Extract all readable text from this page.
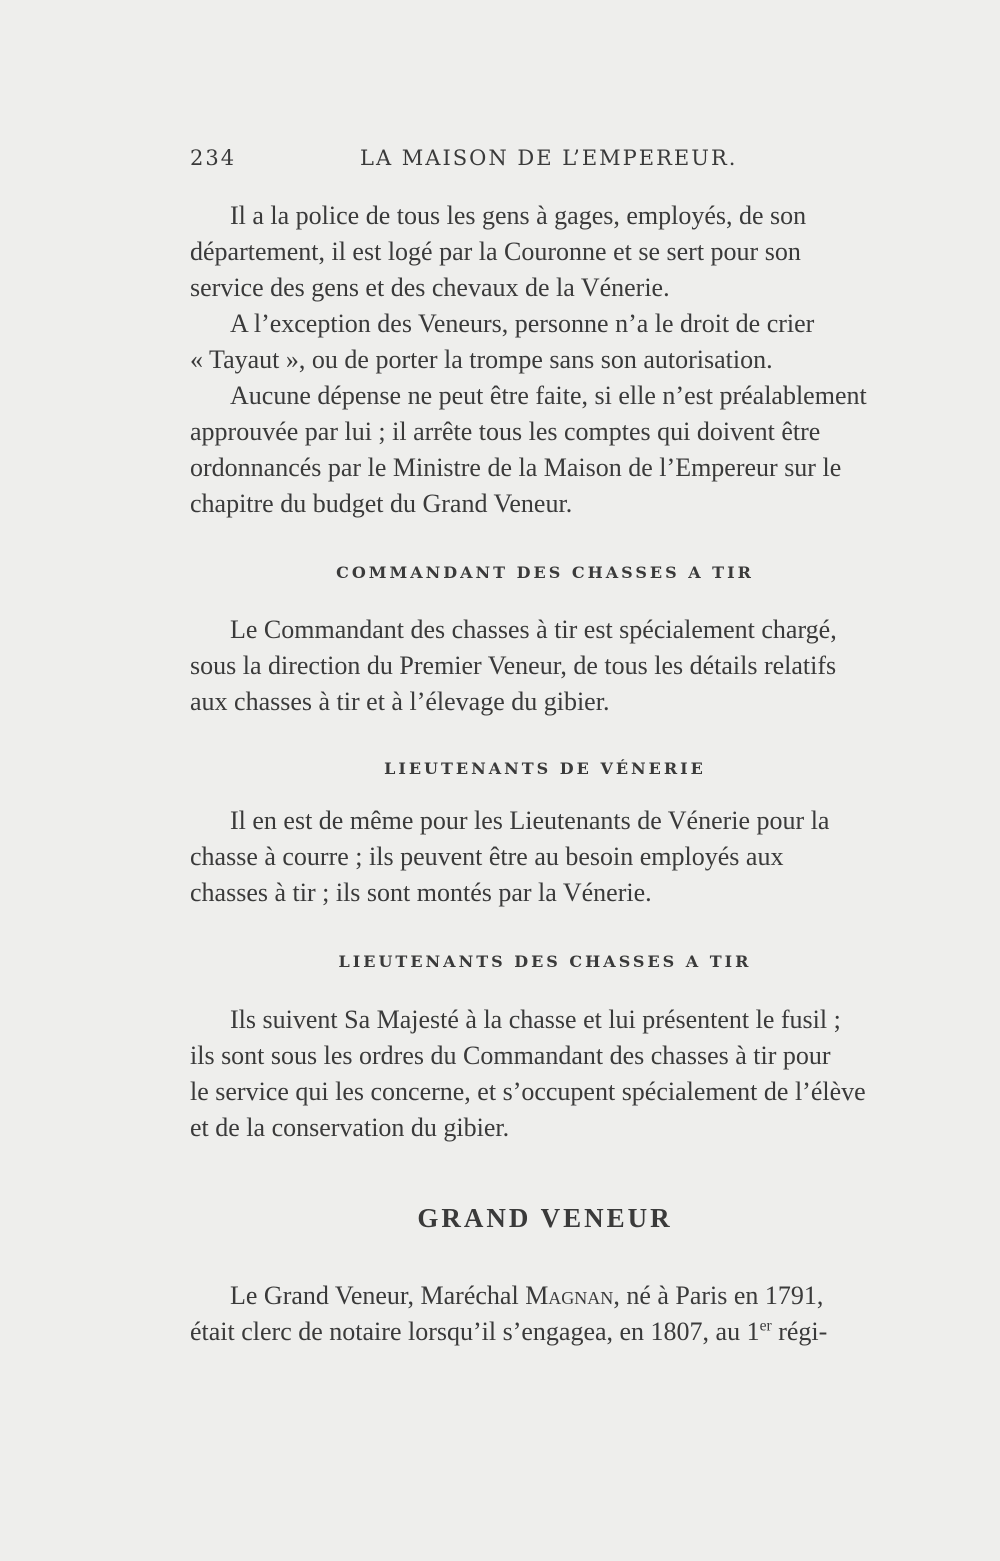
234	LA MAISON DE L’EMPEREUR.

Il a la police de tous les gens à gages, employés, de son
département, il est logé par la Couronne et se sert pour son
service des gens et des chevaux de la Vénerie.

A l’exception des Veneurs, personne n’a le droit de crier
« Tayaut », ou de porter la trompe sans son autorisation.

Aucune dépense ne peut être faite, si elle n’est préalablement
approuvée par lui ; il arrête tous les comptes qui doivent être
ordonnancés par le Ministre de la Maison de l’Empereur sur le
chapitre du budget du Grand Veneur.

COMMANDANT DES CHASSES A TIR

Le Commandant des chasses à tir est spécialement chargé,
sous la direction du Premier Veneur, de tous les détails relatifs
aux chasses à tir et à l’élevage du gibier.

LIEUTENANTS DE VÉNERIE

Il en est de même pour les Lieutenants de Vénerie pour la
chasse à courre ; ils peuvent être au besoin employés aux
chasses à tir ; ils sont montés par la Vénerie.

LIEUTENANTS DES CHASSES A TIR

Ils suivent Sa Majesté à la chasse et lui présentent le fusil ;
ils sont sous les ordres du Commandant des chasses à tir pour
le service qui les concerne, et s’occupent spécialement de l’élève
et de la conservation du gibier.

GRAND VENEUR

Le Grand Veneur, Maréchal Magnan, né à Paris en 1791,
était clerc de notaire lorsqu’il s’engagea, en 1807, au 1er régi-
